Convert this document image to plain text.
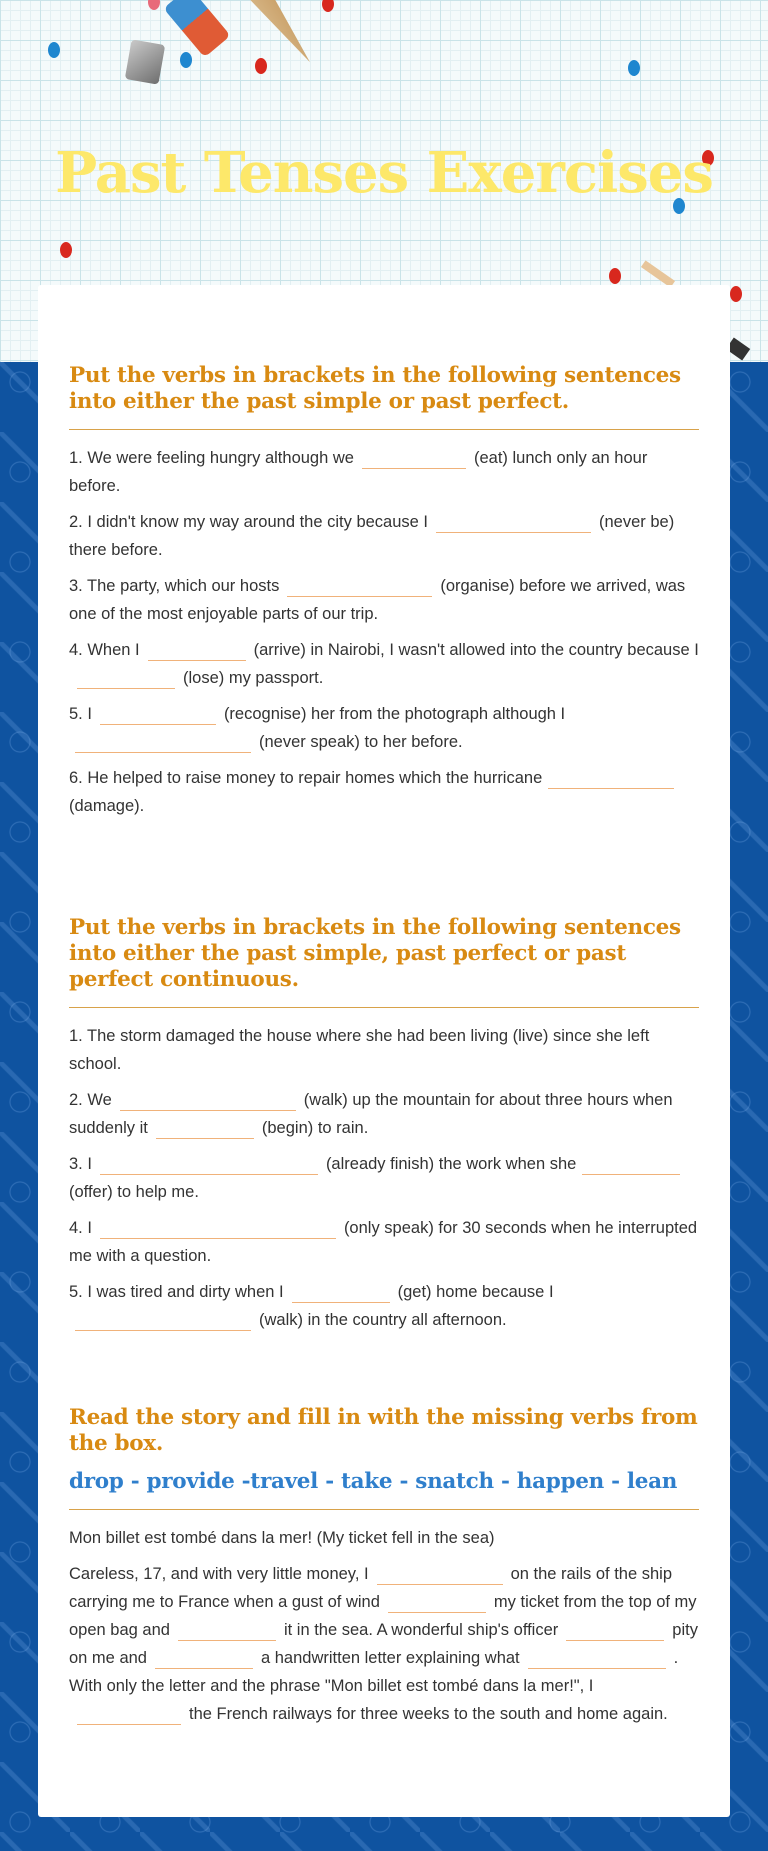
Past Tenses Exercises
Put the verbs in brackets in the following sentences into either the past simple or past perfect.

1. We were feeling hungry although we	(eat) lunch only an hour before.

2. I didn't know my way around the city because I	(never be) there before.

3. The party, which our hosts	(organise) before we arrived, was one of the most enjoyable parts of our trip.

4. When I	(arrive) in Nairobi, I wasn't allowed into the country because I(lose) my passport.

5. I	(recognise) her from the photograph although I(never speak) to her before.

6. He helped to raise money to repair homes which the hurricane(damage).

Put the verbs in brackets in the following sentences into either the past simple, past perfect or past perfect continuous.

1. The storm damaged the house where she had been living (live) since she left school.

2. We	(walk) up the mountain for about three hours when suddenly it	(begin) to rain.

3. I	(already finish) the work when she(offer) to help me.

4. I	(only speak) for 30 seconds when he interrupted me with a question.

5. I was tired and dirty when I	(get) home because I(walk) in the country all afternoon.

Read the story and fill in with the missing verbs from the box.

drop - provide -travel - take - snatch - happen - lean

Mon billet est tombé dans la mer! (My ticket fell in the sea)

Careless, 17, and with very little money, I	on the rails of the ship carrying me to France when a gust of wind	my ticket from the top of my open bag and	it in the sea. A wonderful ship's officer	pity on me and	a handwritten letter explaining what	. With only the letter and the phrase "Mon billet est tombé dans la mer!", Ithe French railways for three weeks to the south and home again.
